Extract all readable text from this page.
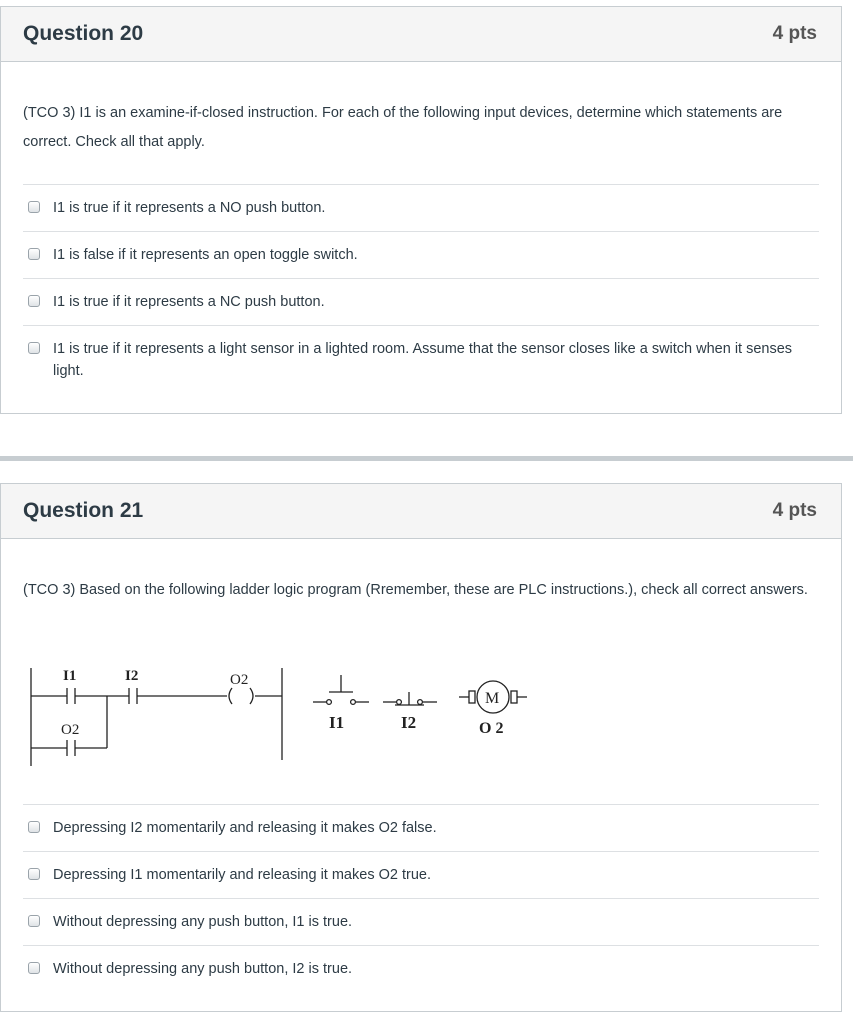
Question 20	4 pts
(TCO 3) I1 is an examine-if-closed instruction. For each of the following input devices, determine which statements are correct. Check all that apply.
I1 is true if it represents a NO push button.
I1 is false if it represents an open toggle switch.
I1 is true if it represents a NC push button.
I1 is true if it represents a light sensor in a lighted room. Assume that the sensor closes like a switch when it senses light.
Question 21	4 pts
(TCO 3) Based on the following ladder logic program (Rremember, these are PLC instructions.), check all correct answers.
I1	I2	O2
O2	I1	I2
M
O 2
Depressing I2 momentarily and releasing it makes O2 false.
Depressing I1 momentarily and releasing it makes O2 true.
Without depressing any push button, I1 is true.
Without depressing any push button, I2 is true.
